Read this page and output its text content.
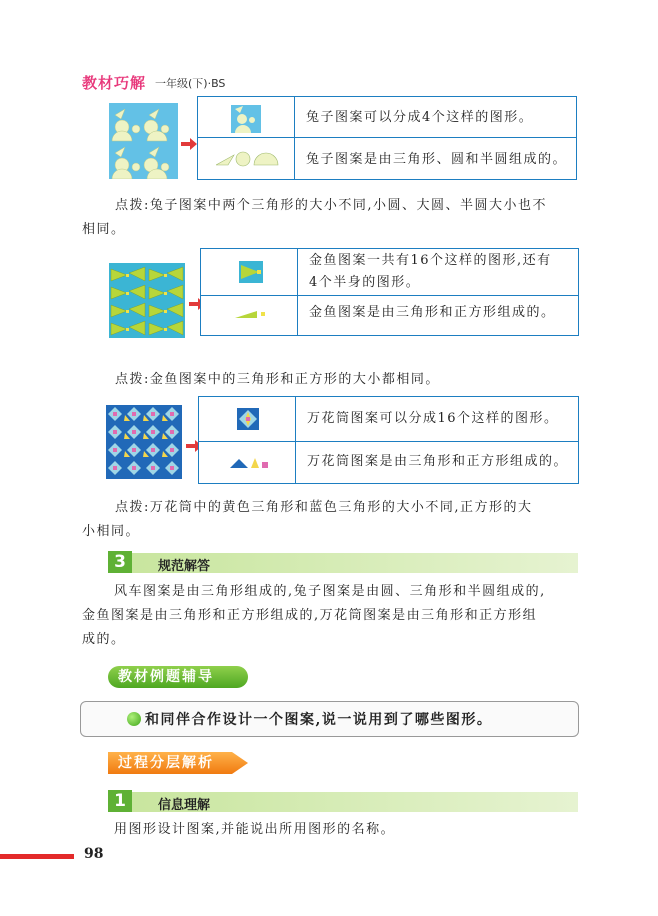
教材巧解 一年级(下)·BS
兔子图案可以分成4个这样的图形。
兔子图案是由三角形、圆和半圆组成的。
点拨:兔子图案中两个三角形的大小不同,小圆、大圆、半圆大小也不
相同。
金鱼图案一共有16个这样的图形,还有
4个半身的图形。
金鱼图案是由三角形和正方形组成的。
点拨:金鱼图案中的三角形和正方形的大小都相同。
万花筒图案可以分成16个这样的图形。
万花筒图案是由三角形和正方形组成的。
点拨:万花筒中的黄色三角形和蓝色三角形的大小不同,正方形的大
小相同。
3	规范解答
风车图案是由三角形组成的,兔子图案是由圆、三角形和半圆组成的,
金鱼图案是由三角形和正方形组成的,万花筒图案是由三角形和正方形组
成的。
教材例题辅导
和同伴合作设计一个图案,说一说用到了哪些图形。
过程分层解析
1	信息理解
用图形设计图案,并能说出所用图形的名称。
98
